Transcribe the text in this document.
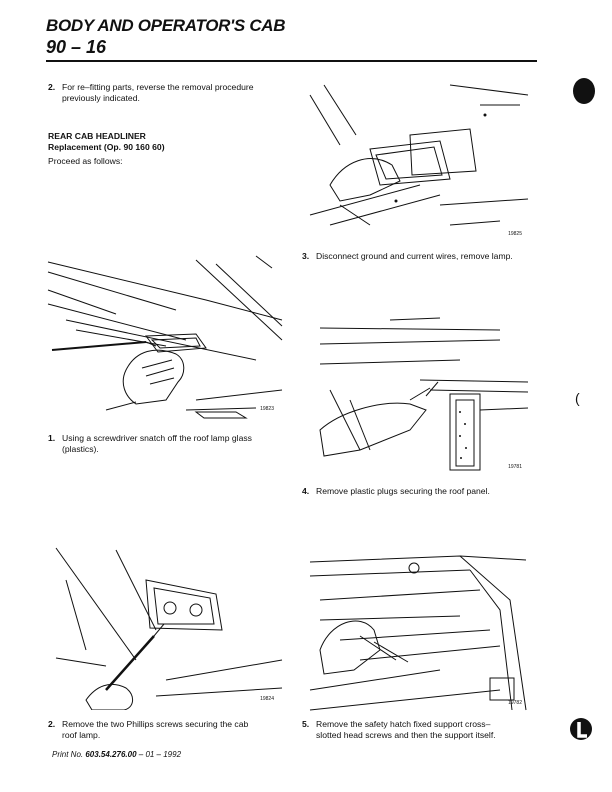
BODY AND OPERATOR'S CAB
90 – 16
2. For re–fitting parts, reverse the removal procedure
previously indicated.
REAR CAB HEADLINER
Replacement (Op. 90 160 60)
Proceed as follows:
19823
1. Using a screwdriver snatch off the roof lamp glass
(plastics).
19824
2. Remove the two Phillips screws securing the cab
roof lamp.
19825
3. Disconnect ground and current wires, remove lamp.
19781
4. Remove plastic plugs securing the roof panel.
19782
5. Remove the safety hatch fixed support cross–
slotted head screws and then the support itself.
Print No. 603.54.276.00 – 01 – 1992
(
